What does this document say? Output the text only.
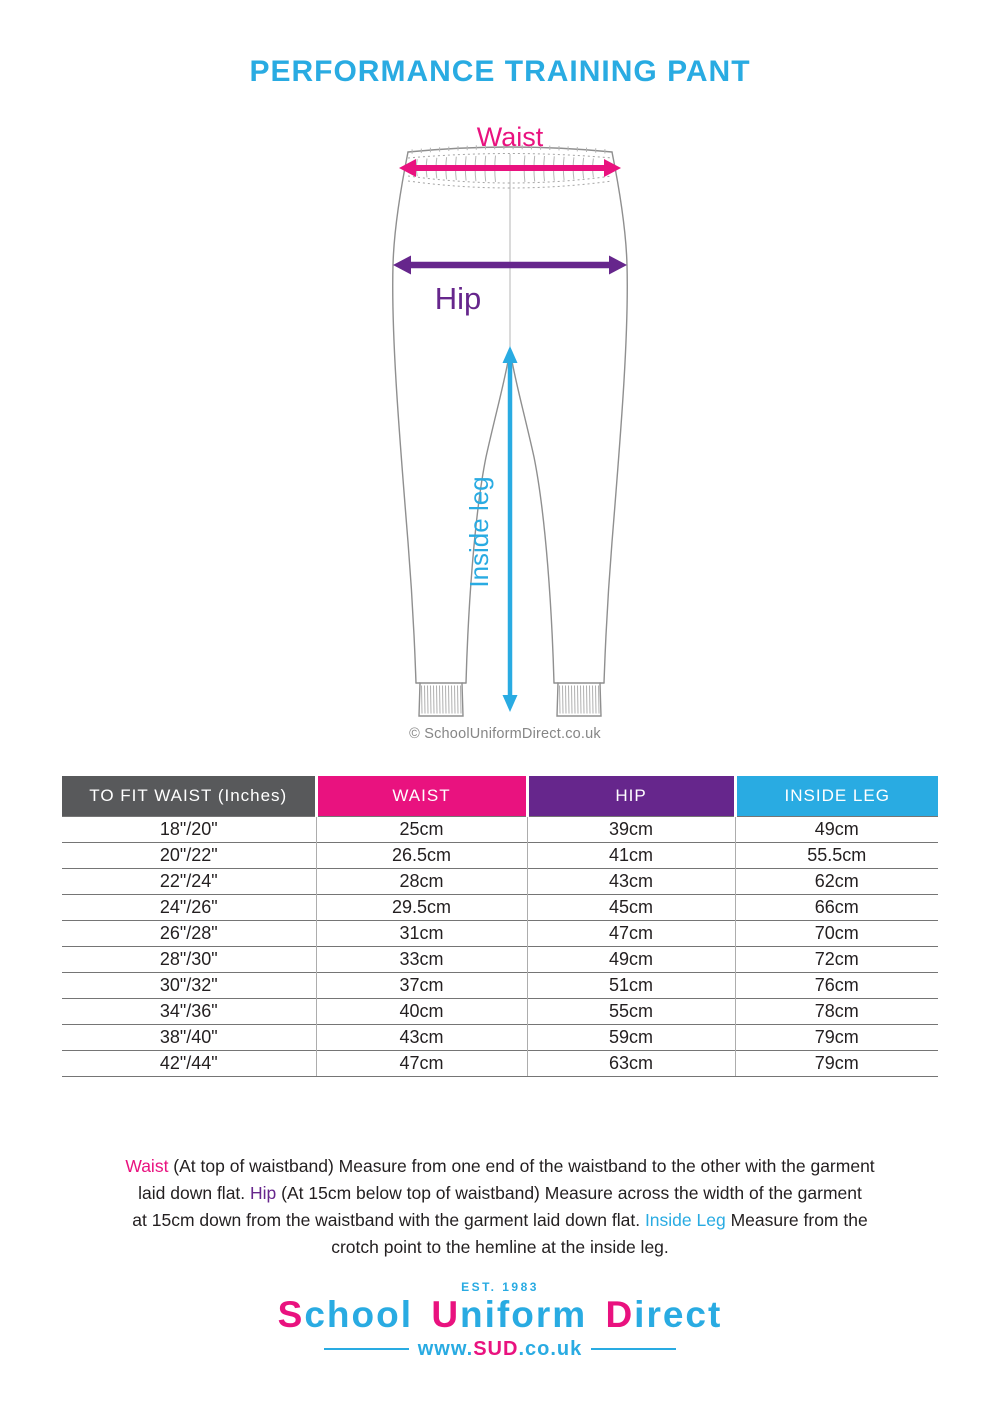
PERFORMANCE TRAINING PANT
Waist
Hip
Inside leg
© SchoolUniformDirect.co.uk
TO FIT WAIST (Inches)	WAIST	HIP	INSIDE LEG
18"/20"	25cm	39cm	49cm
20"/22"	26.5cm	41cm	55.5cm
22"/24"	28cm	43cm	62cm
24"/26"	29.5cm	45cm	66cm
26"/28"	31cm	47cm	70cm
28"/30"	33cm	49cm	72cm
30"/32"	37cm	51cm	76cm
34"/36"	40cm	55cm	78cm
38"/40"	43cm	59cm	79cm
42"/44"	47cm	63cm	79cm
Waist (At top of waistband) Measure from one end of the waistband to the other with the garment
laid down flat. Hip (At 15cm below top of waistband) Measure across the width of the garment
at 15cm down from the waistband with the garment laid down flat. Inside Leg Measure from the
crotch point to the hemline at the inside leg.
EST. 1983
School Uniform Direct
www.SUD.co.uk
